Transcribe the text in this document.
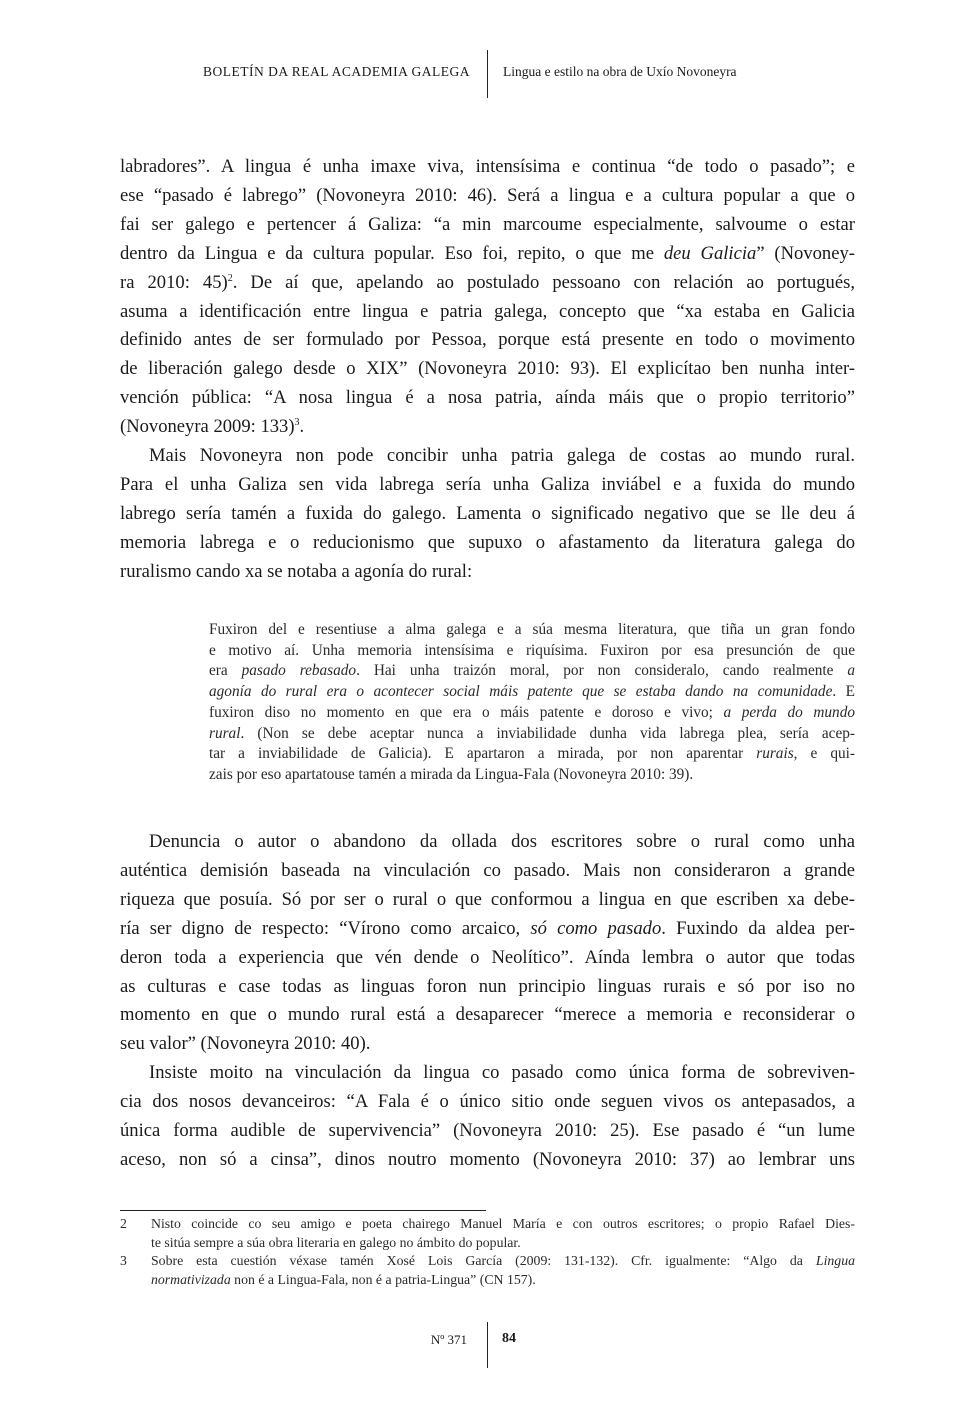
BOLETÍN DA REAL ACADEMIA GALEGA Lingua e estilo na obra de Uxío Novoneyra
labradores”. A lingua é unha imaxe viva, intensísima e continua “de todo o pasado”; e
ese “pasado é labrego” (Novoneyra 2010: 46). Será a lingua e a cultura popular a que o
fai ser galego e pertencer á Galiza: “a min marcoume especialmente, salvoume o estar
dentro da Lingua e da cultura popular. Eso foi, repito, o que me deu Galicia” (Novoney-
ra 2010: 45)$^2$. De aí que, apelando ao postulado pessoano con relación ao portugués,
asuma a identificación entre lingua e patria galega, concepto que “xa estaba en Galicia
definido antes de ser formulado por Pessoa, porque está presente en todo o movimento
de liberación galego desde o XIX” (Novoneyra 2010: 93). El explicítao ben nunha inter-
vención pública: “A nosa lingua é a nosa patria, aínda máis que o propio territorio”
(Novoneyra 2009: 133)$^3$.
Mais Novoneyra non pode concibir unha patria galega de costas ao mundo rural.
Para el unha Galiza sen vida labrega sería unha Galiza inviábel e a fuxida do mundo
labrego sería tamén a fuxida do galego. Lamenta o significado negativo que se lle deu á
memoria labrega e o reducionismo que supuxo o afastamento da literatura galega do
ruralismo cando xa se notaba a agonía do rural:
Fuxiron del e resentiuse a alma galega e a súa mesma literatura, que tiña un gran fondo
e motivo aí. Unha memoria intensísima e riquísima. Fuxiron por esa presunción de que
era pasado rebasado. Hai unha traizón moral, por non consideralo, cando realmente a
agonía do rural era o acontecer social máis patente que se estaba dando na comunidade. E
fuxiron diso no momento en que era o máis patente e doroso e vivo; a perda do mundo
rural. (Non se debe aceptar nunca a inviabilidade dunha vida labrega plea, sería acep-
tar a inviabilidade de Galicia). E apartaron a mirada, por non aparentar rurais, e qui-
zais por eso apartatouse tamén a mirada da Lingua-Fala (Novoneyra 2010: 39).
Denuncia o autor o abandono da ollada dos escritores sobre o rural como unha
auténtica demisión baseada na vinculación co pasado. Mais non consideraron a grande
riqueza que posuía. Só por ser o rural o que conformou a lingua en que escriben xa debe-
ría ser digno de respecto: “Vírono como arcaico, só como pasado. Fuxindo da aldea per-
deron toda a experiencia que vén dende o Neolítico”. Aínda lembra o autor que todas
as culturas e case todas as linguas foron nun principio linguas rurais e só por iso no
momento en que o mundo rural está a desaparecer “merece a memoria e reconsiderar o
seu valor” (Novoneyra 2010: 40).
Insiste moito na vinculación da lingua co pasado como única forma de sobreviven-
cia dos nosos devanceiros: “A Fala é o único sitio onde seguen vivos os antepasados, a
única forma audible de supervivencia” (Novoneyra 2010: 25). Ese pasado é “un lume
aceso, non só a cinsa”, dinos noutro momento (Novoneyra 2010: 37) ao lembrar uns
2 Nisto coincide co seu amigo e poeta chairego Manuel María e con outros escritores; o propio Rafael Dies-
te sitúa sempre a súa obra literaria en galego no ámbito do popular.
3 Sobre esta cuestión véxase tamén Xosé Lois García (2009: 131-132). Cfr. igualmente: “Algo da Lingua
normativizada non é a Lingua-Fala, non é a patria-Lingua” (CN 157).
Nº 371	84
